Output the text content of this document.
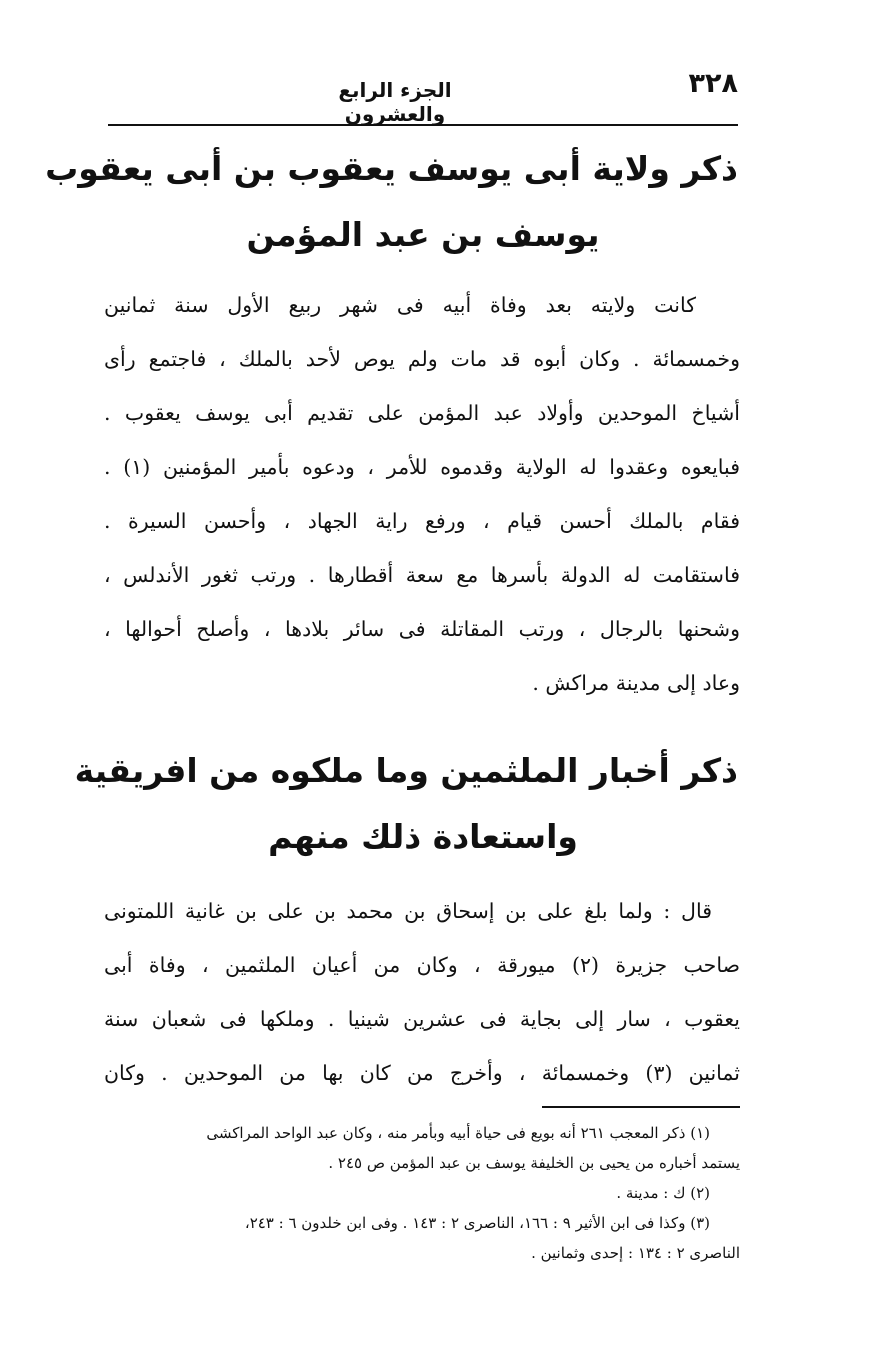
٣٢٨
الجزء الرابع والعشرون
ذكر ولاية أبى يوسف يعقوب بن أبى يعقوب
يوسف بن عبد المؤمن
كانت ولايته بعد وفاة أبيه فى شهر ربيع الأول سنة ثمانين
وخمسمائة . وكان أبوه قد مات ولم يوص لأحد بالملك ، فاجتمع رأى
أشياخ الموحدين وأولاد عبد المؤمن على تقديم أبى يوسف يعقوب .
فبايعوه وعقدوا له الولاية وقدموه للأمر ، ودعوه بأمير المؤمنين (١) .
فقام بالملك أحسن قيام ، ورفع راية الجهاد ، وأحسن السيرة .
فاستقامت له الدولة بأسرها مع سعة أقطارها . ورتب ثغور الأندلس ،
وشحنها بالرجال ، ورتب المقاتلة فى سائر بلادها ، وأصلح أحوالها ،
وعاد إلى مدينة مراكش .
ذكر أخبار الملثمين وما ملكوه من افريقية
واستعادة ذلك منهم
قال : ولما بلغ على بن إسحاق بن محمد بن على بن غانية اللمتونى
صاحب جزيرة (٢) ميورقة ، وكان من أعيان الملثمين ، وفاة أبى
يعقوب ، سار إلى بجاية فى عشرين شينيا . وملكها فى شعبان سنة
ثمانين (٣) وخمسمائة ، وأخرج من كان بها من الموحدين . وكان
(١) ذكر المعجب ٢٦١ أنه بويع فى حياة أبيه وبأمر منه ، وكان عبد الواحد المراكشى
يستمد أخباره من يحيى بن الخليفة يوسف بن عبد المؤمن ص ٢٤٥ .
(٢) ك : مدينة .
(٣) وكذا فى ابن الأثير ٩ : ١٦٦، الناصرى ٢ : ١٤٣ . وفى ابن خلدون ٦ : ٢٤٣،
الناصرى ٢ : ١٣٤ : إحدى وثمانين .
